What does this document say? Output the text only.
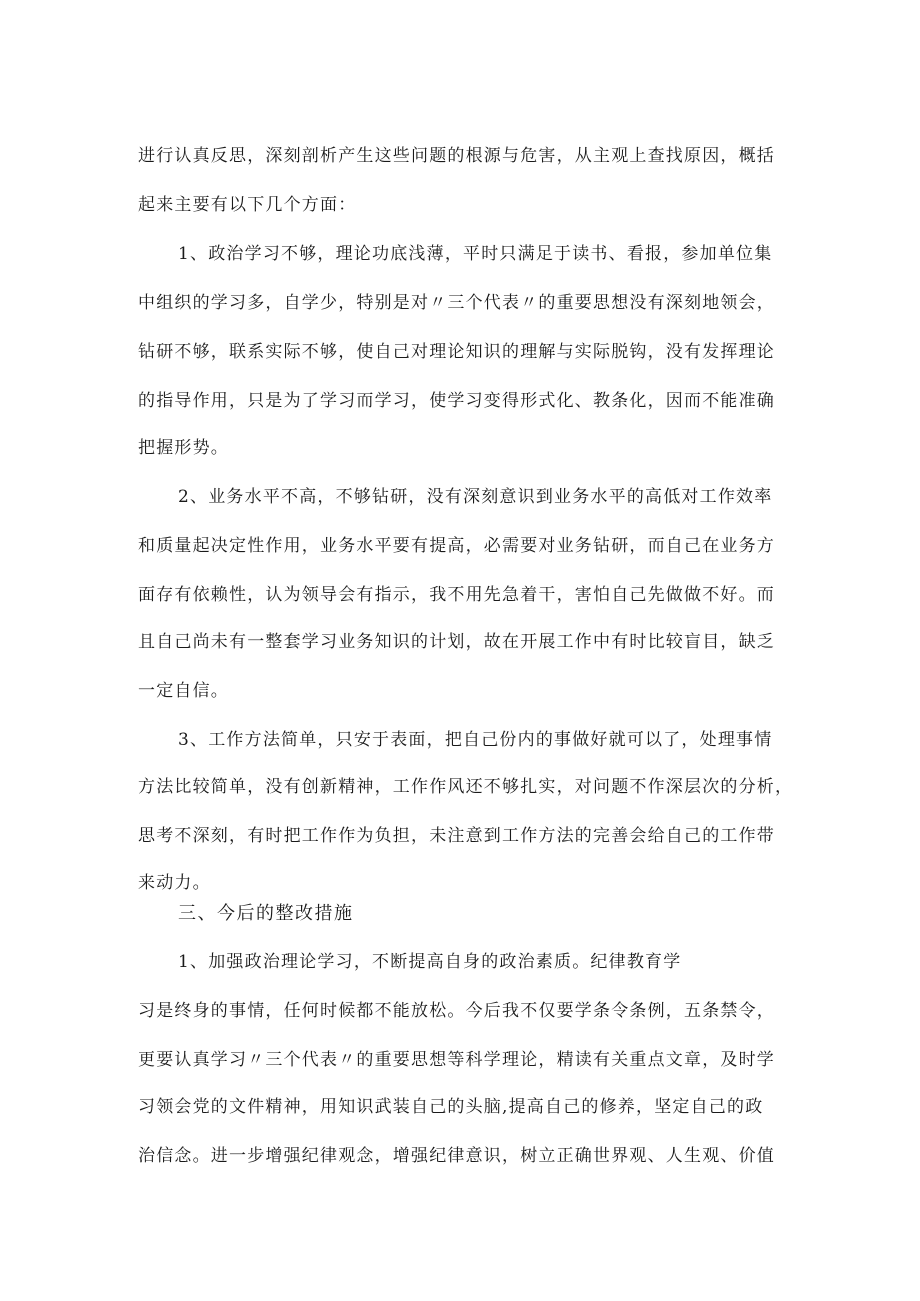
进行认真反思，深刻剖析产生这些问题的根源与危害，从主观上查找原因，概括
起来主要有以下几个方面：
1、政治学习不够，理论功底浅薄，平时只满足于读书、看报，参加单位集
中组织的学习多，自学少，特别是对〃三个代表〃的重要思想没有深刻地领会，
钻研不够，联系实际不够，使自己对理论知识的理解与实际脱钩，没有发挥理论
的指导作用，只是为了学习而学习，使学习变得形式化、教条化，因而不能准确
把握形势。
2、业务水平不高，不够钻研，没有深刻意识到业务水平的高低对工作效率
和质量起决定性作用，业务水平要有提高，必需要对业务钻研，而自己在业务方
面存有依赖性，认为领导会有指示，我不用先急着干，害怕自己先做做不好。而
且自己尚未有一整套学习业务知识的计划，故在开展工作中有时比较盲目，缺乏
一定自信。
3、工作方法简单，只安于表面，把自己份内的事做好就可以了，处理事情
方法比较简单，没有创新精神，工作作风还不够扎实，对问题不作深层次的分析，
思考不深刻，有时把工作作为负担，未注意到工作方法的完善会给自己的工作带
来动力。
三、今后的整改措施
1、加强政治理论学习，不断提高自身的政治素质。纪律教育学
习是终身的事情，任何时候都不能放松。今后我不仅要学条令条例，五条禁令，
更要认真学习〃三个代表〃的重要思想等科学理论，精读有关重点文章，及时学
习领会党的文件精神，用知识武装自己的头脑,提高自己的修养，坚定自己的政
治信念。进一步增强纪律观念，增强纪律意识，树立正确世界观、人生观、价值
